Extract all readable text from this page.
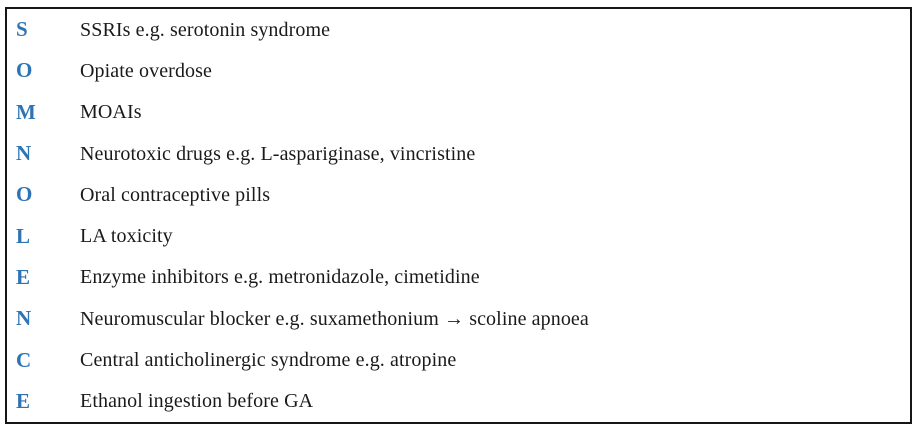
S	SSRIs e.g. serotonin syndrome
O	Opiate overdose
M	MOAIs
N	Neurotoxic drugs e.g. L-aspariginase, vincristine
O	Oral contraceptive pills
L	LA toxicity
E	Enzyme inhibitors e.g. metronidazole, cimetidine
N	Neuromuscular blocker e.g. suxamethonium → scoline apnoea
C	Central anticholinergic syndrome e.g. atropine
E	Ethanol ingestion before GA
